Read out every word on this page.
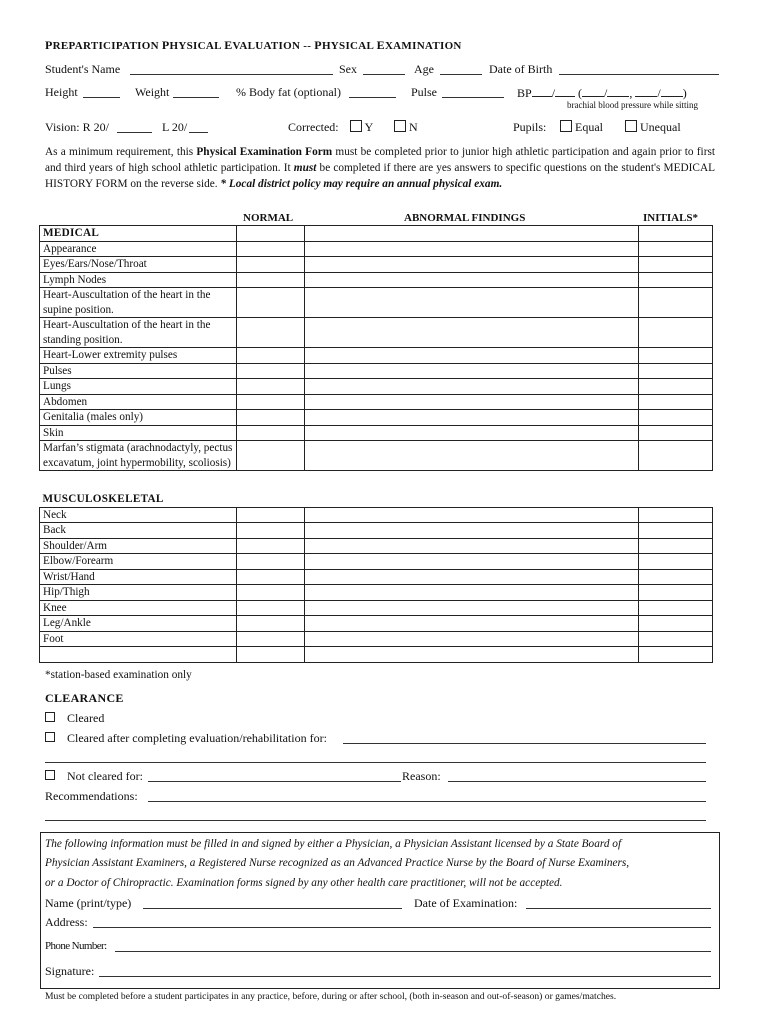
PREPARTICIPATION PHYSICAL EVALUATION -- PHYSICAL EXAMINATION
Student's Name	Sex	Age	Date of Birth
Height	Weight	% Body fat (optional)	Pulse	BP / ( / , / )
brachial blood pressure while sitting
Vision: R 20/	L 20/	Corrected:	Y	N	Pupils:	Equal	Unequal
As a minimum requirement, this Physical Examination Form must be completed prior to junior high athletic participation and again prior to first and third years of high school athletic participation. It must be completed if there are yes answers to specific questions on the student's MEDICAL HISTORY FORM on the reverse side. * Local district policy may require an annual physical exam.
NORMAL	ABNORMAL FINDINGS	INITIALS*
MEDICAL			
Appearance			
Eyes/Ears/Nose/Throat			
Lymph Nodes			
Heart-Auscultation of the heart in the supine position.			
Heart-Auscultation of the heart in the standing position.			
Heart-Lower extremity pulses			
Pulses			
Lungs			
Abdomen			
Genitalia (males only)			
Skin			
Marfan’s stigmata (arachnodactyly, pectus excavatum, joint hypermobility, scoliosis)			
MUSCULOSKELETAL			
Neck			
Back			
Shoulder/Arm			
Elbow/Forearm			
Wrist/Hand			
Hip/Thigh			
Knee			
Leg/Ankle			
Foot			

*station-based examination only
CLEARANCE
Cleared
Cleared after completing evaluation/rehabilitation for:
Not cleared for:	Reason:
Recommendations:
The following information must be filled in and signed by either a Physician, a Physician Assistant licensed by a State Board of
Physician Assistant Examiners, a Registered Nurse recognized as an Advanced Practice Nurse by the Board of Nurse Examiners,
or a Doctor of Chiropractic. Examination forms signed by any other health care practitioner, will not be accepted.
Name (print/type)	Date of Examination:
Address:
Phone Number:
Signature:
Must be completed before a student participates in any practice, before, during or after school, (both in-season and out-of-season) or games/matches.
